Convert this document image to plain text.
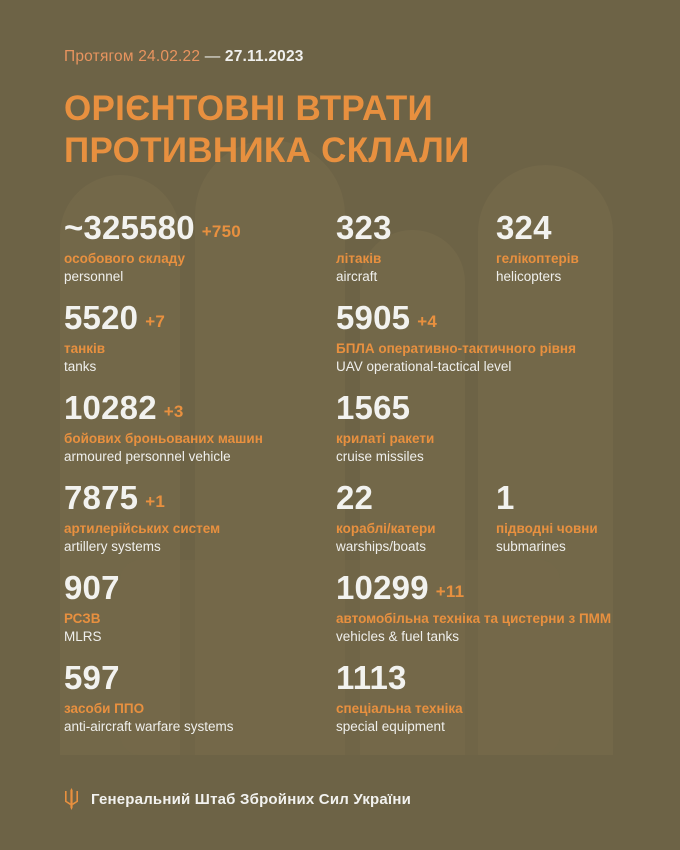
Протягом 24.02.22 — 27.11.2023
ОРІЄНТОВНІ ВТРАТИ
ПРОТИВНИКА СКЛАЛИ
~325580 +750
особового складу
personnel
323
літаків
aircraft
324
гелікоптерів
helicopters
5520 +7
танків
tanks
5905 +4
БПЛА оперативно-тактичного рівня
UAV operational-tactical level
10282 +3
бойових броньованих машин
armoured personnel vehicle
1565
крилаті ракети
cruise missiles
7875 +1
артилерійських систем
artillery systems
22
кораблі/катери
warships/boats
1
підводні човни
submarines
907
РСЗВ
MLRS
10299 +11
автомобільна техніка та цистерни з ПММ
vehicles & fuel tanks
597
засоби ППО
anti-aircraft warfare systems
1113
спеціальна техніка
special equipment
Генеральний Штаб Збройних Сил України
